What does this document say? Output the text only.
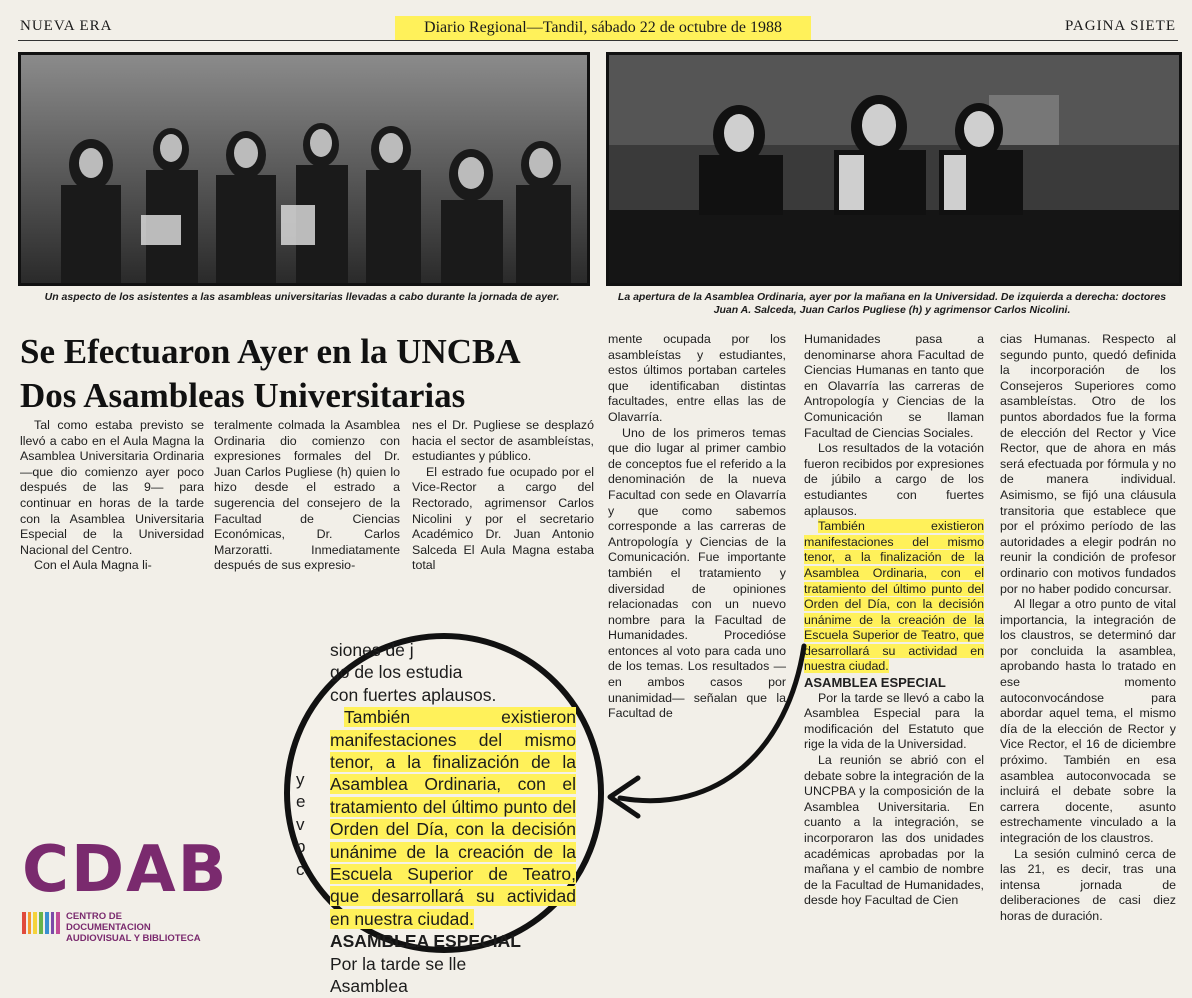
NUEVA ERA	Diario Regional—Tandil, sábado 22 de octubre de 1988	PAGINA SIETE
Un aspecto de los asistentes a las asambleas universitarias llevadas a cabo durante la jornada de ayer.	La apertura de la Asamblea Ordinaria, ayer por la mañana en la Universidad. De izquierda a derecha: doctores Juan A. Salceda, Juan Carlos Pugliese (h) y agrimensor Carlos Nicolini.
Se Efectuaron Ayer en la UNCBA
Dos Asambleas Universitarias

Tal como estaba previsto se llevó a cabo en el Aula Magna la Asamblea Universitaria Ordinaria —que dio comienzo ayer poco después de las 9— para continuar en horas de la tarde con la Asamblea Universitaria Especial de la Universidad Nacional del Centro.

Con el Aula Magna li-

teralmente colmada la Asamblea Ordinaria dio comienzo con expresiones formales del Dr. Juan Carlos Pugliese (h) quien lo hizo desde el estrado a sugerencia del consejero de la Facultad de Ciencias Económicas, Dr. Carlos Marzoratti. Inmediatamente después de sus expresio-

nes el Dr. Pugliese se desplazó hacia el sector de asambleístas, estudiantes y público.

El estrado fue ocupado por el Vice-Rector a cargo del Rectorado, agrimensor Carlos Nicolini y por el secretario Académico Dr. Juan Antonio Salceda El Aula Magna estaba total

mente ocupada por los asambleístas y estudiantes, estos últimos portaban carteles que identificaban distintas facultades, entre ellas las de Olavarría.

Uno de los primeros temas que dio lugar al primer cambio de conceptos fue el referido a la denominación de la nueva Facultad con sede en Olavarría y que como sabemos corresponde a las carreras de Antropología y Ciencias de la Comunicación. Fue importante también el tratamiento y diversidad de opiniones relacionadas con un nuevo nombre para la Facultad de Humanidades. Procedióse entonces al voto para cada uno de los temas. Los resultados —en ambos casos por unanimidad— señalan que la Facultad de

Humanidades pasa a denominarse ahora Facultad de Ciencias Humanas en tanto que en Olavarría las carreras de Antropología y Ciencias de la Comunicación se llaman Facultad de Ciencias Sociales.

Los resultados de la votación fueron recibidos por expresiones de júbilo a cargo de los estudiantes con fuertes aplausos.

También existieron manifestaciones del mismo tenor, a la finalización de la Asamblea Ordinaria, con el tratamiento del último punto del Orden del Día, con la decisión unánime de la creación de la Escuela Superior de Teatro, que desarrollará su actividad en nuestra ciudad.

ASAMBLEA ESPECIAL

Por la tarde se llevó a cabo la Asamblea Especial para la modificación del Estatuto que rige la vida de la Universidad.

La reunión se abrió con el debate sobre la integración de la UNCPBA y la composición de la Asamblea Universitaria. En cuanto a la integración, se incorporaron las dos unidades académicas aprobadas por la mañana y el cambio de nombre de la Facultad de Humanidades, desde hoy Facultad de Cien

cias Humanas. Respecto al segundo punto, quedó definida la incorporación de los Consejeros Superiores como asambleístas. Otro de los puntos abordados fue la forma de elección del Rector y Vice Rector, que de ahora en más será efectuada por fórmula y no de manera individual. Asimismo, se fijó una cláusula transitoria que establece que por el próximo período de las autoridades a elegir podrán no reunir la condición de profesor ordinario con motivos fundados por no haber podido concursar.

Al llegar a otro punto de vital importancia, la integración de los claustros, se determinó dar por concluida la asamblea, aprobando hasta lo tratado en ese momento autoconvocándose para abordar aquel tema, el mismo día de la elección de Rector y Vice Rector, el 16 de diciembre próximo. También en esa asamblea autoconvocada se incluirá el debate sobre la carrera docente, asunto estrechamente vinculado a la integración de los claustros.

La sesión culminó cerca de las 21, es decir, tras una intensa jornada de deliberaciones de casi diez horas de duración.

y
e
v
p
c

siones de j

go de los estudia

con fuertes aplausos.

También existieron manifestaciones del mismo tenor, a la finalización de la Asamblea Ordinaria, con el tratamiento del último punto del Orden del Día, con la decisión unánime de la creación de la Escuela Superior de Teatro, que desarrollará su actividad en nuestra ciudad.

ASAMBLEA ESPECIAL

Por la tarde se lle

Asamblea

CDAB
CENTRO DE DOCUMENTACION
AUDIOVISUAL Y BIBLIOTECA
